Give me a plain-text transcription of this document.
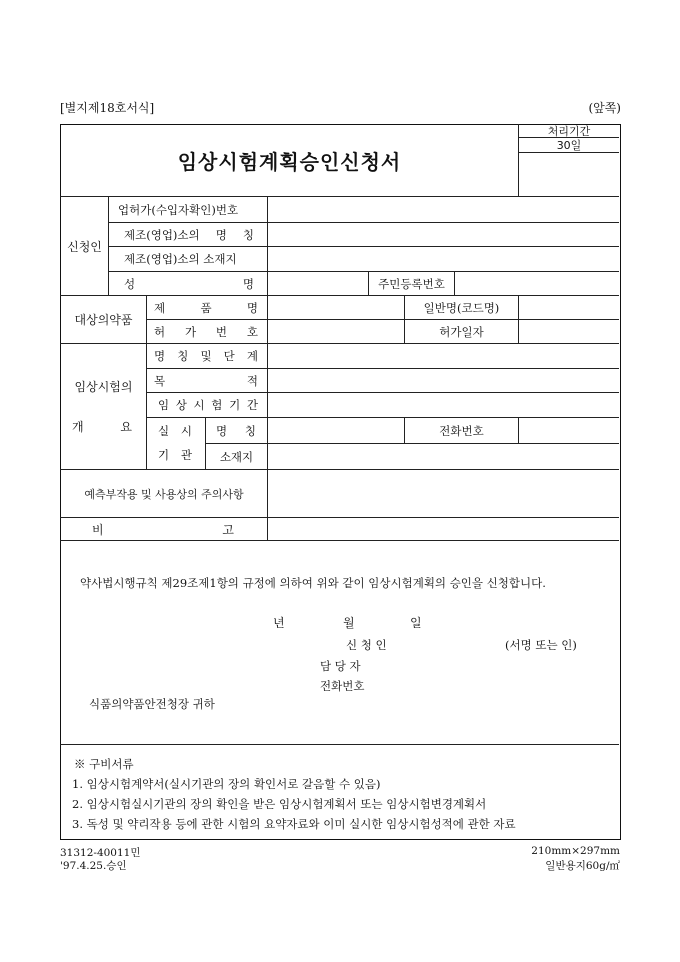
[별지제18호서식]	(앞쪽)
임상시험계획승인신청서
처리기간
30일
신청인
업허가(수입자확인)번호
제조(영업)소의 명 칭
제조(영업)소의 소재지
성	명	주민등록번호
대상의약품
제	품	명	일반명(코드명)
허 가 번 호	허가일자
임상시험의
개	요
명 칭 및 단 계
목	적
임 상 시 험 기 간
실 시
기 관
명 칭	전화번호
소재지
예측부작용 및 사용상의 주의사항
비	고
약사법시행규칙 제29조제1항의 규정에 의하여 위와 같이 임상시험계획의 승인을 신청합니다.
년	월	일
신 청 인	(서명 또는 인)
담 당 자
전화번호
식품의약품안전청장 귀하
※ 구비서류
1. 임상시험계약서(실시기관의 장의 확인서로 갈음할 수 있음)
2. 임상시험실시기관의 장의 확인을 받은 임상시험계획서 또는 임상시험변경계획서
3. 독성 및 약리작용 등에 관한 시험의 요약자료와 이미 실시한 임상시험성적에 관한 자료
31312-40011민
'97.4.25.승인
210mm×297mm
일반용지60g/㎡
